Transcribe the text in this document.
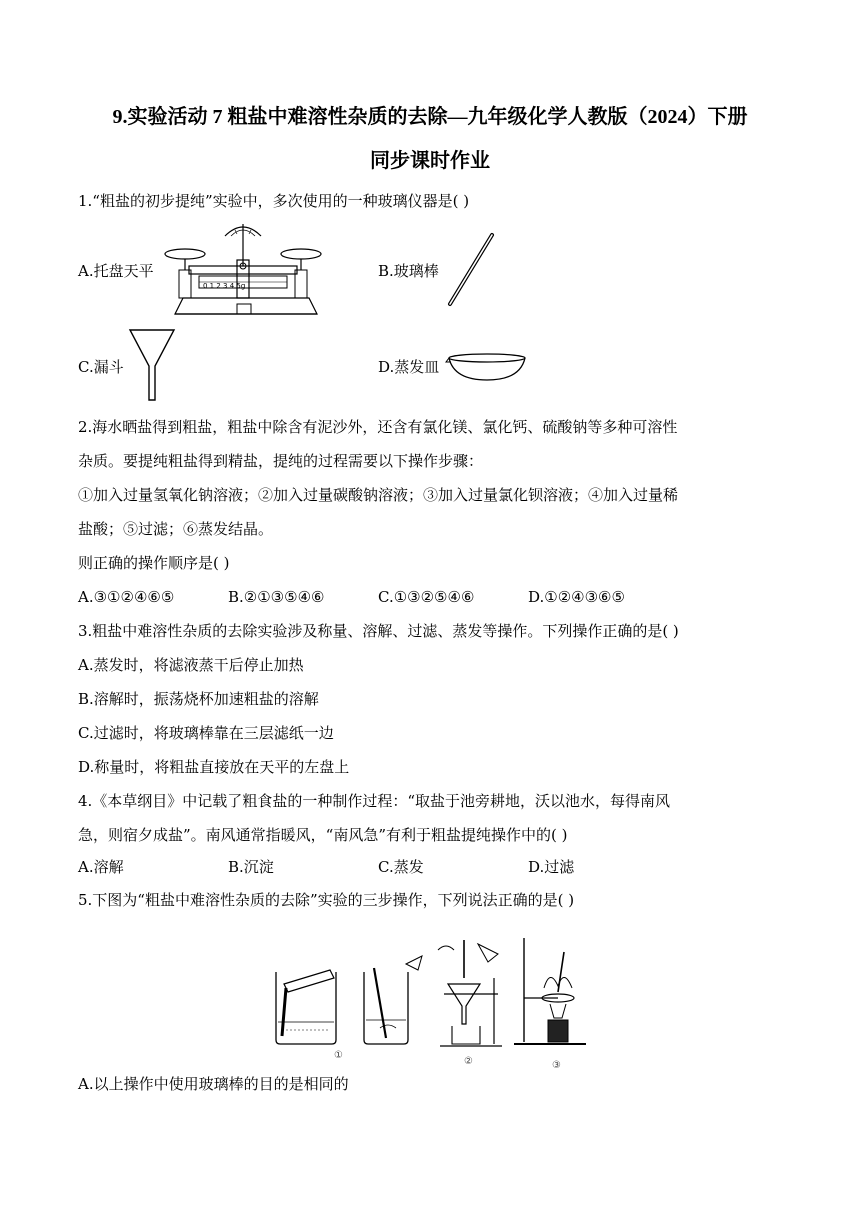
9.实验活动 7 粗盐中难溶性杂质的去除—九年级化学人教版（2024）下册
同步课时作业
1.“粗盐的初步提纯”实验中，多次使用的一种玻璃仪器是( )
A.托盘天平
0 1 2 3 4 5g
B.玻璃棒
C.漏斗	D.蒸发皿
2.海水晒盐得到粗盐，粗盐中除含有泥沙外，还含有氯化镁、氯化钙、硫酸钠等多种可溶性
杂质。要提纯粗盐得到精盐，提纯的过程需要以下操作步骤：
①加入过量氢氧化钠溶液；②加入过量碳酸钠溶液；③加入过量氯化钡溶液；④加入过量稀
盐酸；⑤过滤；⑥蒸发结晶。
则正确的操作顺序是( )
A.③①②④⑥⑤	B.②①③⑤④⑥	C.①③②⑤④⑥	D.①②④③⑥⑤
3.粗盐中难溶性杂质的去除实验涉及称量、溶解、过滤、蒸发等操作。下列操作正确的是( )
A.蒸发时，将滤液蒸干后停止加热
B.溶解时，振荡烧杯加速粗盐的溶解
C.过滤时，将玻璃棒靠在三层滤纸一边
D.称量时，将粗盐直接放在天平的左盘上
4.《本草纲目》中记载了粗食盐的一种制作过程：“取盐于池旁耕地，沃以池水，每得南风
急，则宿夕成盐”。南风通常指暖风，“南风急”有利于粗盐提纯操作中的( )
A.溶解	B.沉淀	C.蒸发	D.过滤
5.下图为“粗盐中难溶性杂质的去除”实验的三步操作，下列说法正确的是( )
①
②	③
A.以上操作中使用玻璃棒的目的是相同的
